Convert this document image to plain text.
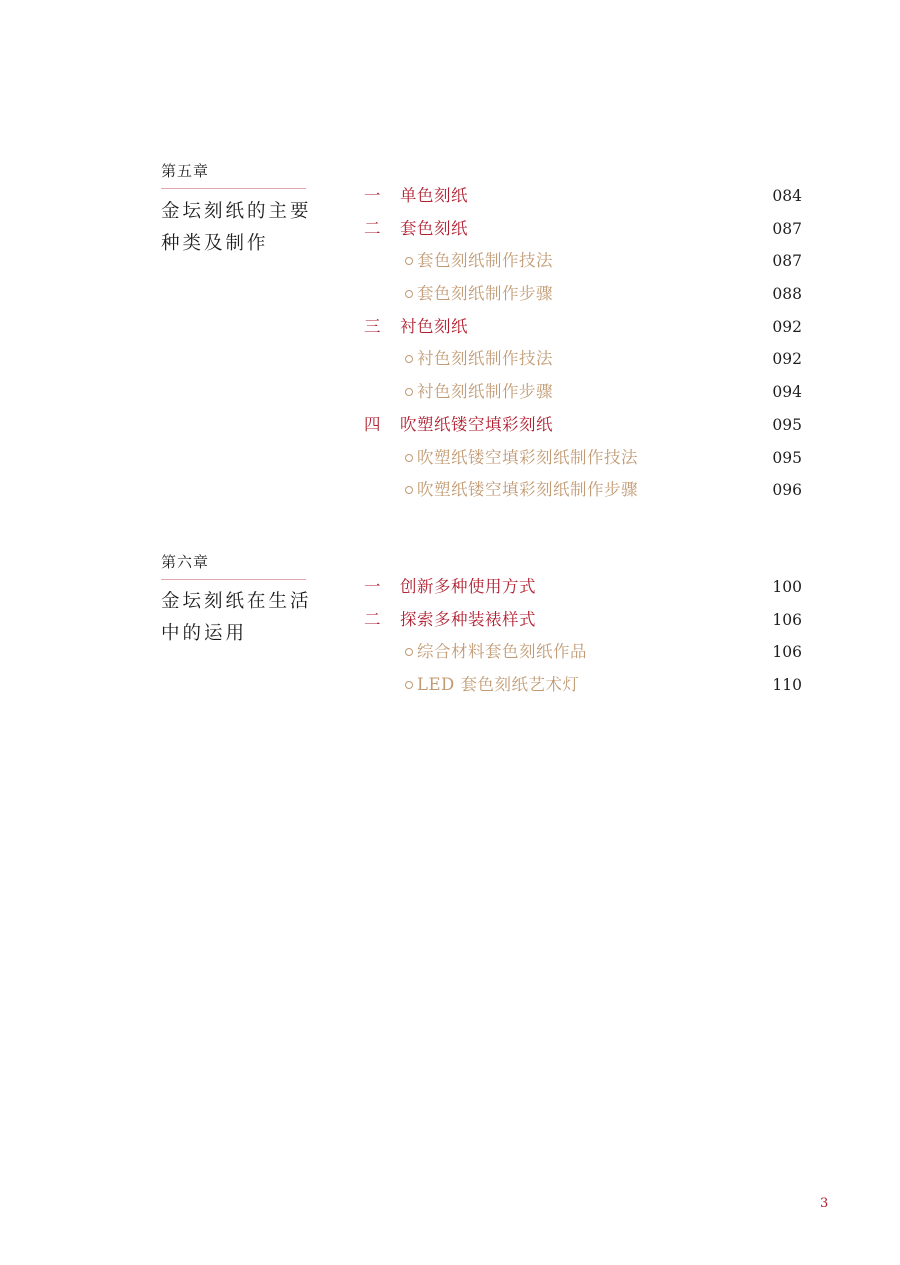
第五章
金坛刻纸的主要
种类及制作
一 单色刻纸	084
二 套色刻纸	087
套色刻纸制作技法	087
套色刻纸制作步骤	088
三 衬色刻纸	092
衬色刻纸制作技法	092
衬色刻纸制作步骤	094
四 吹塑纸镂空填彩刻纸	095
吹塑纸镂空填彩刻纸制作技法	095
吹塑纸镂空填彩刻纸制作步骤	096
第六章
金坛刻纸在生活
中的运用
一 创新多种使用方式	100
二 探索多种装裱样式	106
综合材料套色刻纸作品	106
LED 套色刻纸艺术灯	110
3
